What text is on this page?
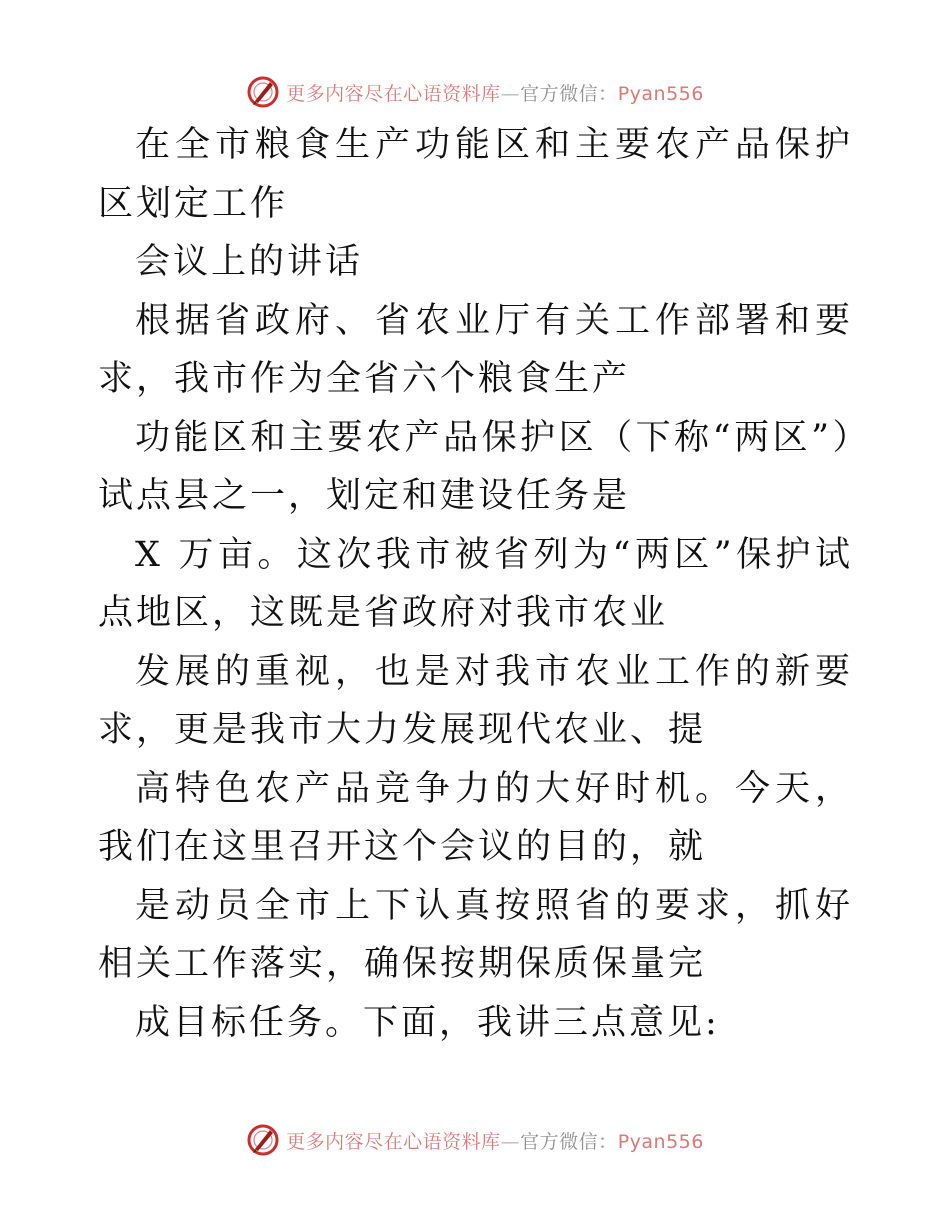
更多内容尽在心语资料库—官方微信：Pyan556

在全市粮食生产功能区和主要农产品保护区划定工作

会议上的讲话

根据省政府、省农业厅有关工作部署和要求，我市作为全省六个粮食生产

功能区和主要农产品保护区（下称“两区”）试点县之一，划定和建设任务是

X 万亩。这次我市被省列为“两区”保护试点地区，这既是省政府对我市农业

发展的重视，也是对我市农业工作的新要求，更是我市大力发展现代农业、提

高特色农产品竞争力的大好时机。今天，我们在这里召开这个会议的目的，就

是动员全市上下认真按照省的要求，抓好相关工作落实，确保按期保质保量完

成目标任务。下面，我讲三点意见:

更多内容尽在心语资料库—官方微信：Pyan556
